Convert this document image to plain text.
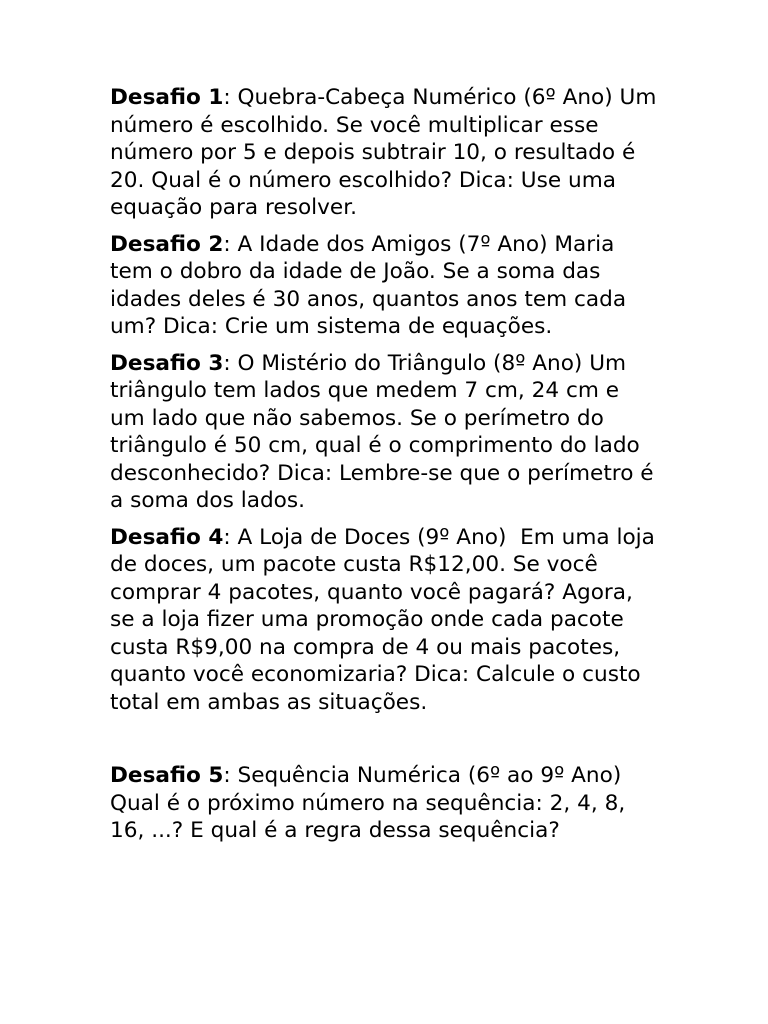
Desafio 1: Quebra-Cabeça Numérico (6º Ano) Um número é escolhido. Se você multiplicar esse número por 5 e depois subtrair 10, o resultado é 20. Qual é o número escolhido? Dica: Use uma equação para resolver.

Desafio 2: A Idade dos Amigos (7º Ano) Maria tem o dobro da idade de João. Se a soma das idades deles é 30 anos, quantos anos tem cada um? Dica: Crie um sistema de equações.

Desafio 3: O Mistério do Triângulo (8º Ano) Um triângulo tem lados que medem 7 cm, 24 cm e um lado que não sabemos. Se o perímetro do triângulo é 50 cm, qual é o comprimento do lado desconhecido? Dica: Lembre-se que o perímetro é a soma dos lados.

Desafio 4: A Loja de Doces (9º Ano)  Em uma loja de doces, um pacote custa R$12,00. Se você comprar 4 pacotes, quanto você pagará? Agora, se a loja fizer uma promoção onde cada pacote custa R$9,00 na compra de 4 ou mais pacotes, quanto você economizaria? Dica: Calcule o custo total em ambas as situações.

Desafio 5: Sequência Numérica (6º ao 9º Ano)  Qual é o próximo número na sequência: 2, 4, 8, 16, ...? E qual é a regra dessa sequência?
